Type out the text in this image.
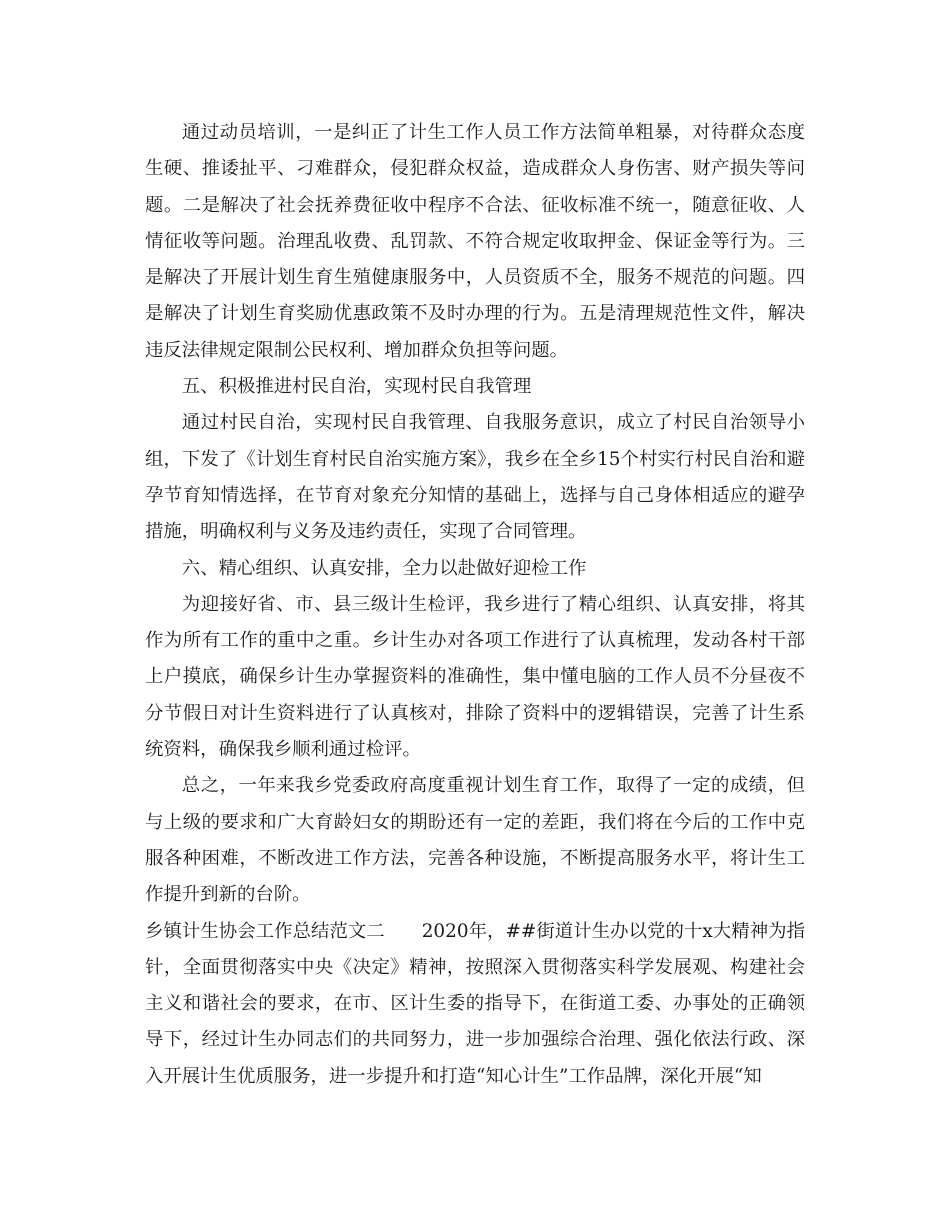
通过动员培训，一是纠正了计生工作人员工作方法简单粗暴，对待群众态度生硬、推诿扯平、刁难群众，侵犯群众权益，造成群众人身伤害、财产损失等问题。二是解决了社会抚养费征收中程序不合法、征收标准不统一，随意征收、人情征收等问题。治理乱收费、乱罚款、不符合规定收取押金、保证金等行为。三是解决了开展计划生育生殖健康服务中，人员资质不全，服务不规范的问题。四是解决了计划生育奖励优惠政策不及时办理的行为。五是清理规范性文件，解决违反法律规定限制公民权利、增加群众负担等问题。

五、积极推进村民自治，实现村民自我管理

通过村民自治，实现村民自我管理、自我服务意识，成立了村民自治领导小组，下发了《计划生育村民自治实施方案》，我乡在全乡15个村实行村民自治和避孕节育知情选择，在节育对象充分知情的基础上，选择与自己身体相适应的避孕措施，明确权利与义务及违约责任，实现了合同管理。

六、精心组织、认真安排，全力以赴做好迎检工作

为迎接好省、市、县三级计生检评，我乡进行了精心组织、认真安排，将其作为所有工作的重中之重。乡计生办对各项工作进行了认真梳理，发动各村干部上户摸底，确保乡计生办掌握资料的准确性，集中懂电脑的工作人员不分昼夜不分节假日对计生资料进行了认真核对，排除了资料中的逻辑错误，完善了计生系统资料，确保我乡顺利通过检评。

总之，一年来我乡党委政府高度重视计划生育工作，取得了一定的成绩，但与上级的要求和广大育龄妇女的期盼还有一定的差距，我们将在今后的工作中克服各种困难，不断改进工作方法，完善各种设施，不断提高服务水平，将计生工作提升到新的台阶。

乡镇计生协会工作总结范文二　　2020年，##街道计生办以党的十x大精神为指针，全面贯彻落实中央《决定》精神，按照深入贯彻落实科学发展观、构建社会主义和谐社会的要求，在市、区计生委的指导下，在街道工委、办事处的正确领导下，经过计生办同志们的共同努力，进一步加强综合治理、强化依法行政、深入开展计生优质服务，进一步提升和打造“知心计生”工作品牌，深化开展“知
